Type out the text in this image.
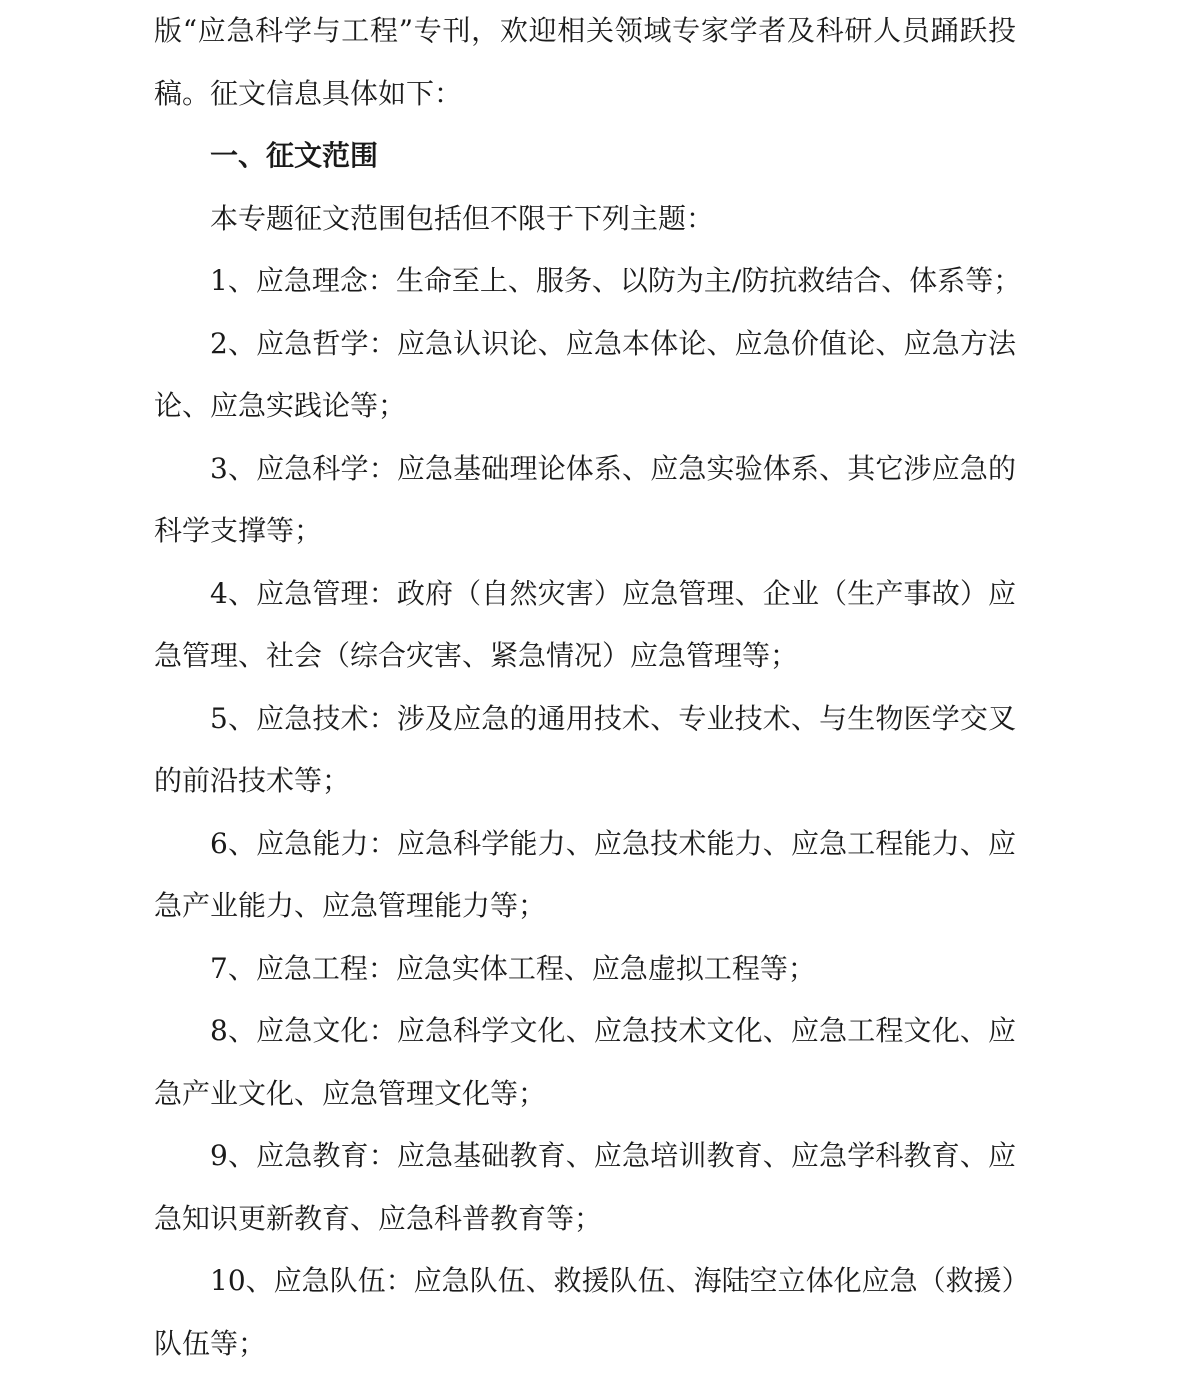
版“应急科学与工程”专刊，欢迎相关领域专家学者及科研人员踊跃投
稿。征文信息具体如下：
一、征文范围
本专题征文范围包括但不限于下列主题：
1、应急理念：生命至上、服务、以防为主/防抗救结合、体系等；
2、应急哲学：应急认识论、应急本体论、应急价值论、应急方法
论、应急实践论等；
3、应急科学：应急基础理论体系、应急实验体系、其它涉应急的
科学支撑等；
4、应急管理：政府（自然灾害）应急管理、企业（生产事故）应
急管理、社会（综合灾害、紧急情况）应急管理等；
5、应急技术：涉及应急的通用技术、专业技术、与生物医学交叉
的前沿技术等；
6、应急能力：应急科学能力、应急技术能力、应急工程能力、应
急产业能力、应急管理能力等；
7、应急工程：应急实体工程、应急虚拟工程等；
8、应急文化：应急科学文化、应急技术文化、应急工程文化、应
急产业文化、应急管理文化等；
9、应急教育：应急基础教育、应急培训教育、应急学科教育、应
急知识更新教育、应急科普教育等；
10、应急队伍：应急队伍、救援队伍、海陆空立体化应急（救援）
队伍等；
